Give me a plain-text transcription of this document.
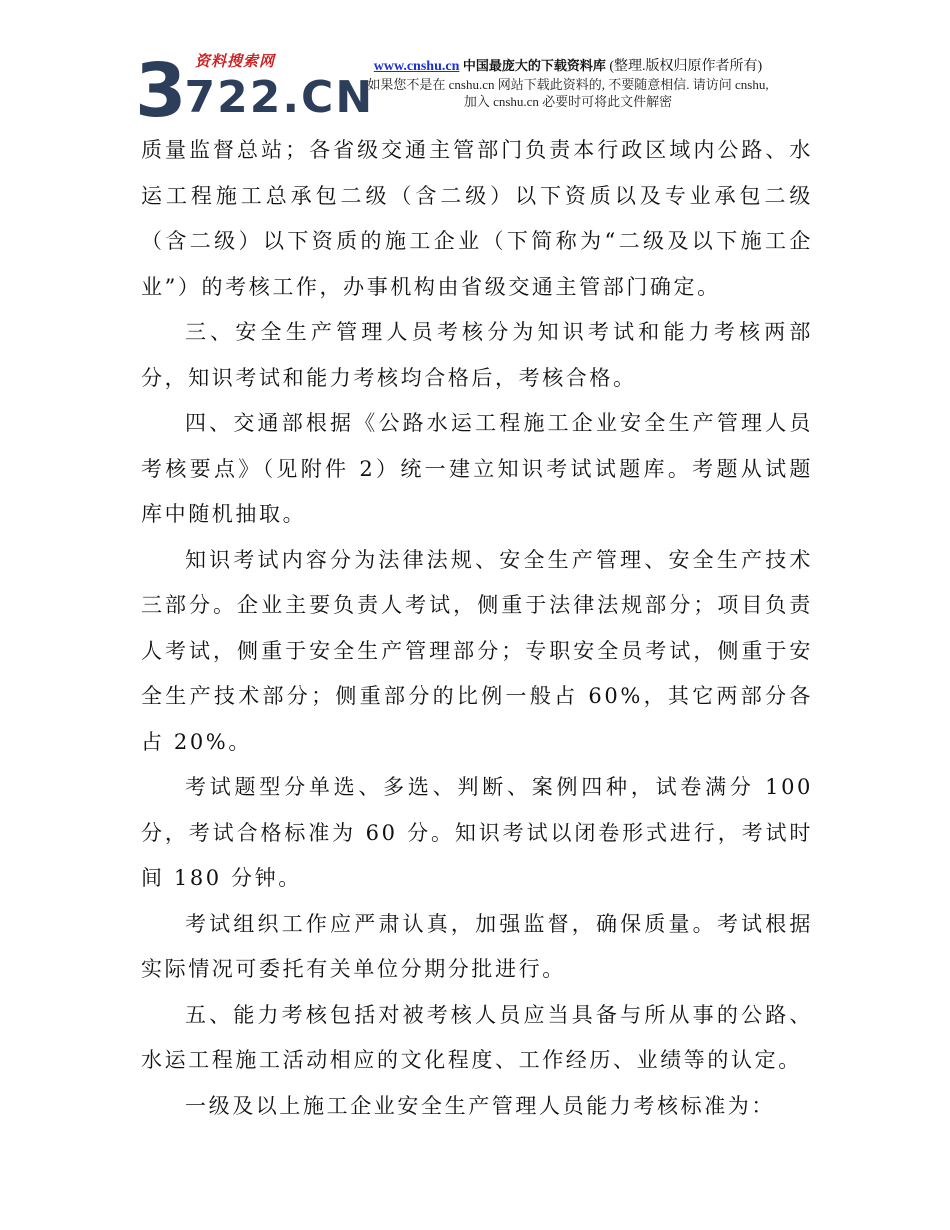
3722.CN
资料搜索网	www.cnshu.cn 中国最庞大的下载资料库 (整理.版权归原作者所有)
如果您不是在 cnshu.cn 网站下载此资料的, 不要随意相信. 请访问 cnshu,
加入 cnshu.cn 必要时可将此文件解密

质量监督总站；各省级交通主管部门负责本行政区域内公路、水运工程施工总承包二级（含二级）以下资质以及专业承包二级（含二级）以下资质的施工企业（下简称为“二级及以下施工企业”）的考核工作，办事机构由省级交通主管部门确定。

三、安全生产管理人员考核分为知识考试和能力考核两部分，知识考试和能力考核均合格后，考核合格。

四、交通部根据《公路水运工程施工企业安全生产管理人员考核要点》（见附件 2）统一建立知识考试试题库。考题从试题库中随机抽取。

知识考试内容分为法律法规、安全生产管理、安全生产技术三部分。企业主要负责人考试，侧重于法律法规部分；项目负责人考试，侧重于安全生产管理部分；专职安全员考试，侧重于安全生产技术部分；侧重部分的比例一般占 60%，其它两部分各占 20%。

考试题型分单选、多选、判断、案例四种，试卷满分 100 分，考试合格标准为 60 分。知识考试以闭卷形式进行，考试时间 180 分钟。

考试组织工作应严肃认真，加强监督，确保质量。考试根据实际情况可委托有关单位分期分批进行。

五、能力考核包括对被考核人员应当具备与所从事的公路、水运工程施工活动相应的文化程度、工作经历、业绩等的认定。

一级及以上施工企业安全生产管理人员能力考核标准为：
